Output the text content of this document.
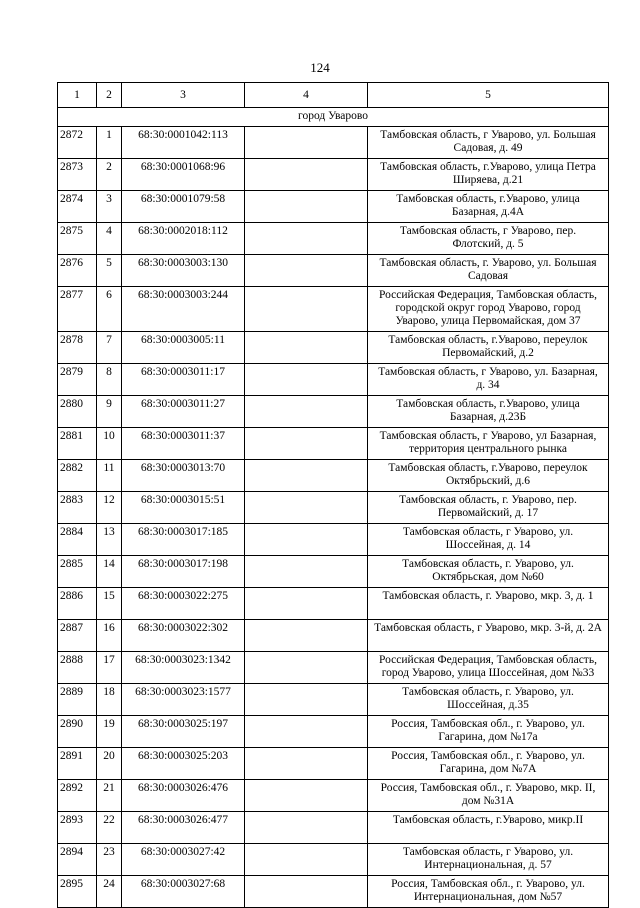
124
1	2	3	4	5
город Уварово				
2872	1	68:30:0001042:113		Тамбовская область, г Уварово, ул. Большая
Садовая, д. 49

2873	2	68:30:0001068:96		Тамбовская область, г.Уварово, улица Петра
Ширяева, д.21

2874	3	68:30:0001079:58		Тамбовская область, г.Уварово, улица
Базарная, д.4А

2875	4	68:30:0002018:112		Тамбовская область, г Уварово, пер.
Флотский, д. 5

2876	5	68:30:0003003:130		Тамбовская область, г. Уварово, ул. Большая
Садовая

2877	6	68:30:0003003:244		Российская Федерация, Тамбовская область,
городской округ город Уварово, город
Уварово, улица Первомайская, дом 37

2878	7	68:30:0003005:11		Тамбовская область, г.Уварово, переулок
Первомайский, д.2

2879	8	68:30:0003011:17		Тамбовская область, г Уварово, ул. Базарная,
д. 34

2880	9	68:30:0003011:27		Тамбовская область, г.Уварово, улица
Базарная, д.23Б

2881	10	68:30:0003011:37		Тамбовская область, г Уварово, ул Базарная,
территория центрального рынка

2882	11	68:30:0003013:70		Тамбовская область, г.Уварово, переулок
Октябрьский, д.6

2883	12	68:30:0003015:51		Тамбовская область, г. Уварово, пер.
Первомайский, д. 17

2884	13	68:30:0003017:185		Тамбовская область, г Уварово, ул.
Шоссейная, д. 14

2885	14	68:30:0003017:198		Тамбовская область, г. Уварово, ул.
Октябрьская, дом №60

2886	15	68:30:0003022:275		Тамбовская область, г. Уварово, мкр. 3, д. 1

2887	16	68:30:0003022:302		Тамбовская область, г Уварово, мкр. 3-й, д. 2А

2888	17	68:30:0003023:1342		Российская Федерация, Тамбовская область,
город Уварово, улица Шоссейная, дом №33

2889	18	68:30:0003023:1577		Тамбовская область, г. Уварово, ул.
Шоссейная, д.35

2890	19	68:30:0003025:197		Россия, Тамбовская обл., г. Уварово, ул.
Гагарина, дом №17а

2891	20	68:30:0003025:203		Россия, Тамбовская обл., г. Уварово, ул.
Гагарина, дом №7А

2892	21	68:30:0003026:476		Россия, Тамбовская обл., г. Уварово, мкр. II,
дом №31А

2893	22	68:30:0003026:477		Тамбовская область, г.Уварово, микр.II

2894	23	68:30:0003027:42		Тамбовская область, г Уварово, ул.
Интернациональная, д. 57

2895	24	68:30:0003027:68		Россия, Тамбовская обл., г. Уварово, ул.
Интернациональная, дом №57
